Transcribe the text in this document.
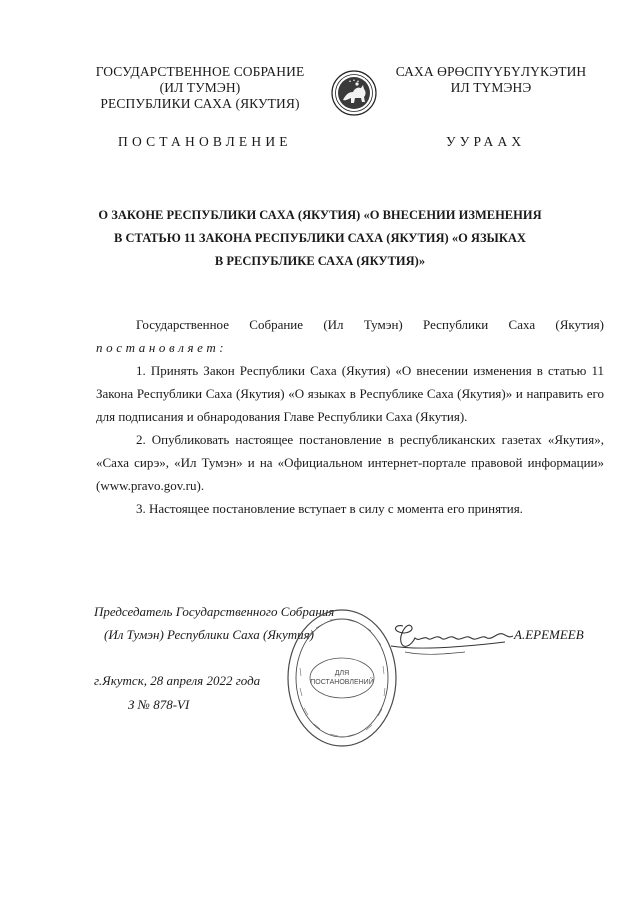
ГОСУДАРСТВЕННОЕ СОБРАНИЕ
(ИЛ ТУМЭН)
РЕСПУБЛИКИ САХА (ЯКУТИЯ)
САХА ӨРӨСПҮҮБҮЛҮКЭТИН
ИЛ ТҮМЭНЭ
ПОСТАНОВЛЕНИЕ	УУРААХ
О ЗАКОНЕ РЕСПУБЛИКИ САХА (ЯКУТИЯ) «О ВНЕСЕНИИ ИЗМЕНЕНИЯ
В СТАТЬЮ 11 ЗАКОНА РЕСПУБЛИКИ САХА (ЯКУТИЯ) «О ЯЗЫКАХ
В РЕСПУБЛИКЕ САХА (ЯКУТИЯ)»
Государственное Собрание (Ил Тумэн) Республики Саха (Якутия)
постановляет:

1. Принять Закон Республики Саха (Якутия) «О внесении изменения в статью 11 Закона Республики Саха (Якутия) «О языках в Республике Саха (Якутия)» и направить его для подписания и обнародования Главе Республики Саха (Якутия).

2. Опубликовать настоящее постановление в республиканских газетах «Якутия», «Саха сирэ», «Ил Тумэн» и на «Официальном интернет-портале правовой информации» (www.pravo.gov.ru).

3. Настоящее постановление вступает в силу с момента его принятия.

Председатель Государственного Собрания
(Ил Тумэн) Республики Саха (Якутия)	А.ЕРЕМЕЕВ
г.Якутск, 28 апреля 2022 года
З № 878-VI
ДЛЯ
ПОСТАНОВЛЕНИЙ
